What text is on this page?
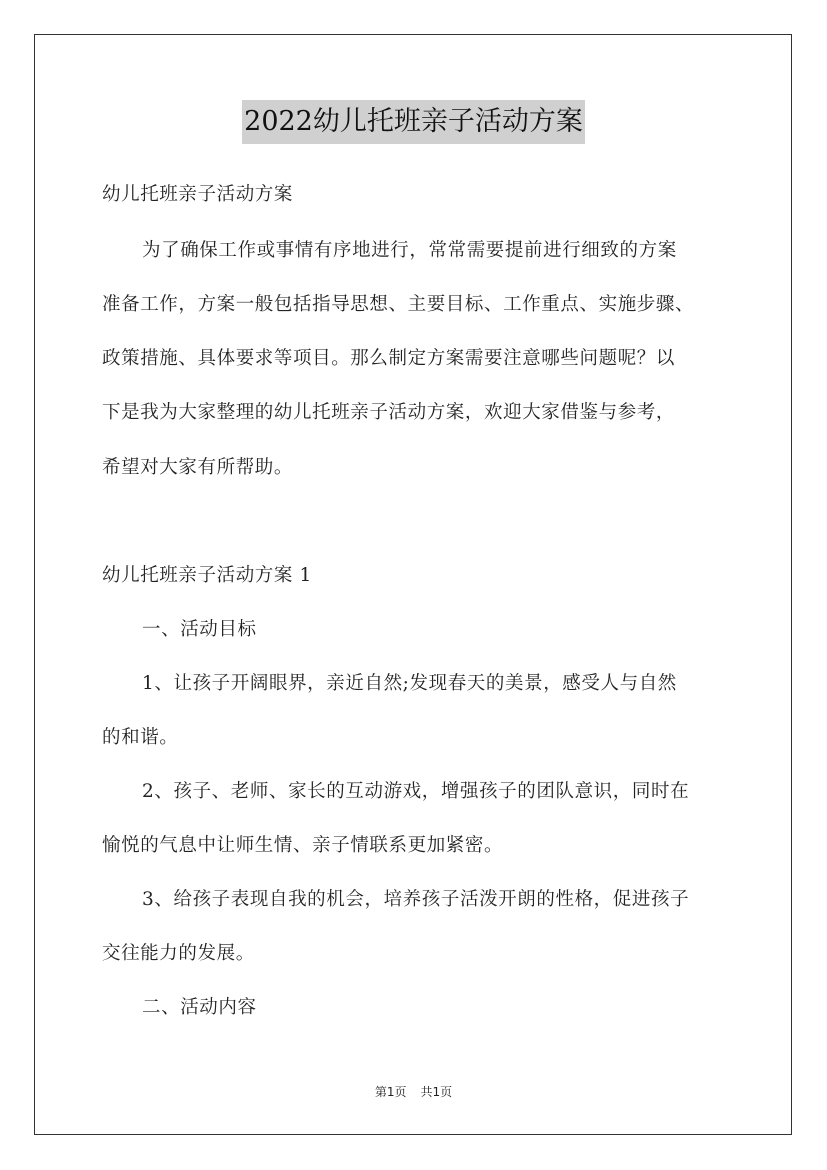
2022幼儿托班亲子活动方案
幼儿托班亲子活动方案
为了确保工作或事情有序地进行，常常需要提前进行细致的方案
准备工作，方案一般包括指导思想、主要目标、工作重点、实施步骤、
政策措施、具体要求等项目。那么制定方案需要注意哪些问题呢？以
下是我为大家整理的幼儿托班亲子活动方案，欢迎大家借鉴与参考，
希望对大家有所帮助。
幼儿托班亲子活动方案 1
一、活动目标
1、让孩子开阔眼界，亲近自然;发现春天的美景，感受人与自然
的和谐。
2、孩子、老师、家长的互动游戏，增强孩子的团队意识，同时在
愉悦的气息中让师生情、亲子情联系更加紧密。
3、给孩子表现自我的机会，培养孩子活泼开朗的性格，促进孩子
交往能力的发展。
二、活动内容
第1页 共1页
